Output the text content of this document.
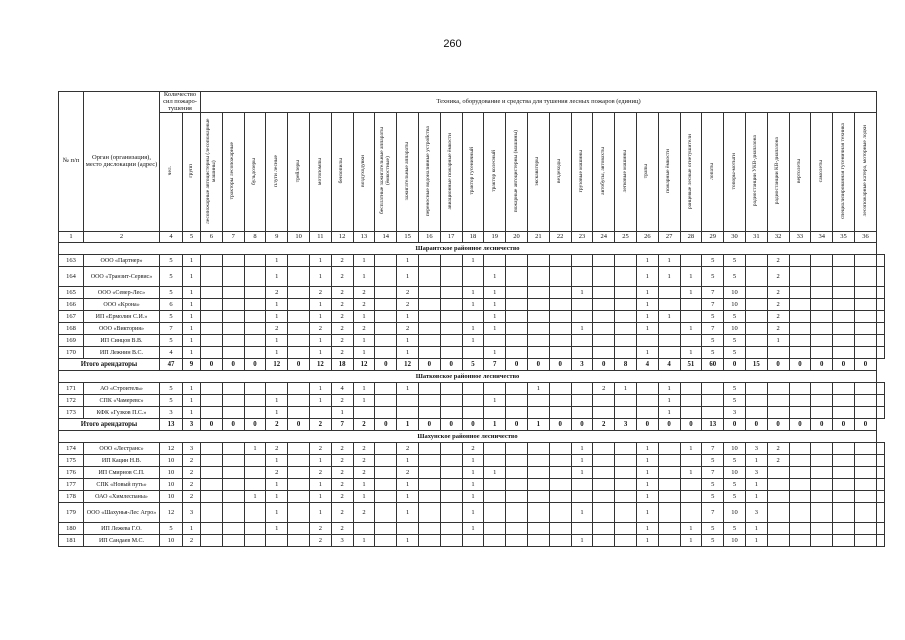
260
№ п/п	Орган (организация), место дислокации (адрес)	Количество сил пожаро-тушения		Техника, оборудование и средства для тушения лесных пожаров (единиц)																															
		чел.	групп	лесопожарные автоцистерны (лесопожарные машины)	тракторы лесопожарные	бульдозеры	плуги лесные	трейлеры	мотопомпы	бензопилы	воздуходувки	бесплатные зажигательные аппараты (ёмкостные)	зажигательные аппараты	переносные водоналивные устройства	авиационные пожарные ёмкости	трактор гусеничный	трактор колесный	пожарные автоцистерны (машины)	экскаваторы	вездеходы	грузовые машины	автобусы, автовахты	легковые машины	трапы	пожарные ёмкости	ранцевые лесные огнетушители	лопаты	топоры-мотыги	радиостанции УКВ-диапазона	радиостанции КВ-диапазона	вертолеты	самолеты	специализированная гусеничная техника	лесопожарные катера, моторные лодки	
1	2	4	5	6	7	8	9	10	11	12	13	14	15	16	17	18	19	20	21	22	23	24	25	26	27	28	29	30	31	32	33	34	35	36	
Шарантское районное лесничество																																			
163	ООО «Партнер»	5	1				1		1	2	1		1			1								1	1		5	5		2					
164	ООО «Транзит-Сервис»	5	1				1		1	2	1		1				1							1	1	1	5	5		2					
165	ООО «Север-Лес»	5	1				2		2	2	2		2			1	1				1			1		1	7	10		2					
166	ООО «Крона»	6	1				1		1	2	2		2			1	1							1			7	10		2					
167	ИП «Ермолин С.И.»	5	1				1		1	2	1		1				1							1	1		5	5		2					
168	ООО «Виктория»	7	1				2		2	2	2		2			1	1				1			1		1	7	10		2					
169	ИП Синцов В.В.	5	1				1		1	2	1		1			1											5	5		1					
170	ИП Лежнин В.С.	4	1				1		1	2	1		1				1							1		1	5	5							
Итого арендаторы		47	9	0	0	0	12	0	12	18	12	0	12	0	0	5	7	0	0	0	3	0	8	4	4	51	60	0	15	0	0	0	0	0	
Шатковское районное лесничество																																			
171	АО «Строитель»	5	1						1	4	1		1						1			2	1		1			5							
172	СПК «Чамеревс»	5	1				1		1	2	1						1								1			5							
173	КФК «Гузков П.С.»	3	1				1			1															1			3							
Итого арендаторы		13	3	0	0	0	2	0	2	7	2	0	1	0	0	0	1	0	1	0	0	2	3	0	0	0	13	0	0	0	0	0	0	0	
Шахунское районное лесничество																																			
174	ООО «Лестранс»	12	3			1	2		2	2	2		2			2					1			1		1	7	10	3	2					
175	ИП Кацин Н.В.	10	2				1		1	2	2		1			1					1			1			5	5	1	2					
176	ИП Смирнов С.П.	10	2				2		2	2	2		2			1	1				1			1		1	7	10	3						
177	СПК «Новый путь»	10	2				1		1	2	1		1			1								1			5	5	1						
178	ОАО «Химлеспаны»	10	2			1	1		1	2	1		1			1								1			5	5	1						
179	ООО «Шахунья-Лес Агро»	12	3				1		1	2	2		1			1					1			1			7	10	3						
180	ИП Лежева Г.О.	5	1				1		2	2						1								1		1	5	5	1						
181	ИП Сандаев М.С.	10	2						2	3	1		1								1			1		1	5	10	1						
